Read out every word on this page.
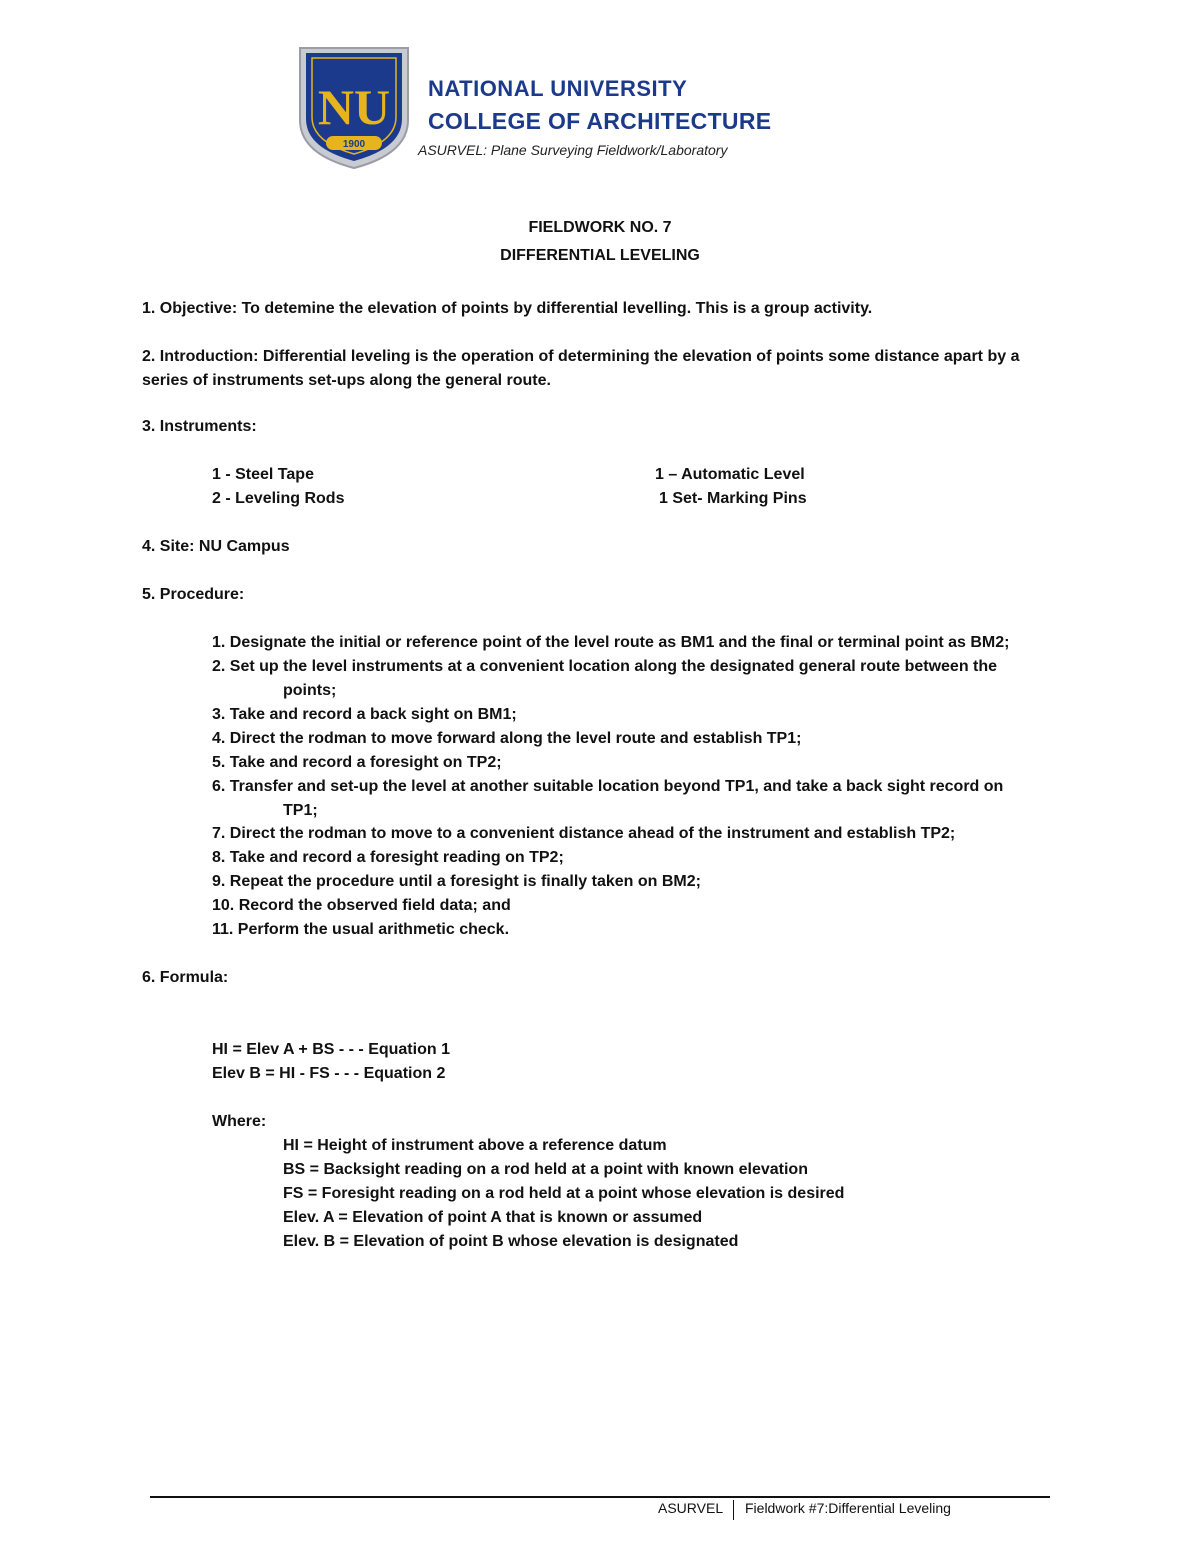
NU
1900
NATIONAL UNIVERSITY
COLLEGE OF ARCHITECTURE
ASURVEL: Plane Surveying Fieldwork/Laboratory
FIELDWORK NO. 7
DIFFERENTIAL LEVELING
1. Objective: To detemine the elevation of points by differential levelling. This is a group activity.
2. Introduction: Differential leveling is the operation of determining the elevation of points some distance apart by a series of instruments set-ups along the general route.
3. Instruments:
1 - Steel Tape
2 - Leveling Rods
1 – Automatic Level
1 Set- Marking Pins
4. Site: NU Campus
5. Procedure:
1. Designate the initial or reference point of the level route as BM1 and the final or terminal point as BM2;
2. Set up the level instruments at a convenient location along the designated general route between the
points;
3. Take and record a back sight on BM1;
4. Direct the rodman to move forward along the level route and establish TP1;
5. Take and record a foresight on TP2;
6. Transfer and set-up the level at another suitable location beyond TP1, and take a back sight record on
TP1;
7. Direct the rodman to move to a convenient distance ahead of the instrument and establish TP2;
8. Take and record a foresight reading on TP2;
9. Repeat the procedure until a foresight is finally taken on BM2;
10. Record the observed field data; and
11. Perform the usual arithmetic check.
6. Formula:
HI = Elev A + BS - - - Equation 1
Elev B = HI - FS - - - Equation 2
Where:
HI = Height of instrument above a reference datum
BS = Backsight reading on a rod held at a point with known elevation
FS = Foresight reading on a rod held at a point whose elevation is desired
Elev. A = Elevation of point A that is known or assumed
Elev. B = Elevation of point B whose elevation is designated
ASURVEL Fieldwork #7:Differential Leveling
